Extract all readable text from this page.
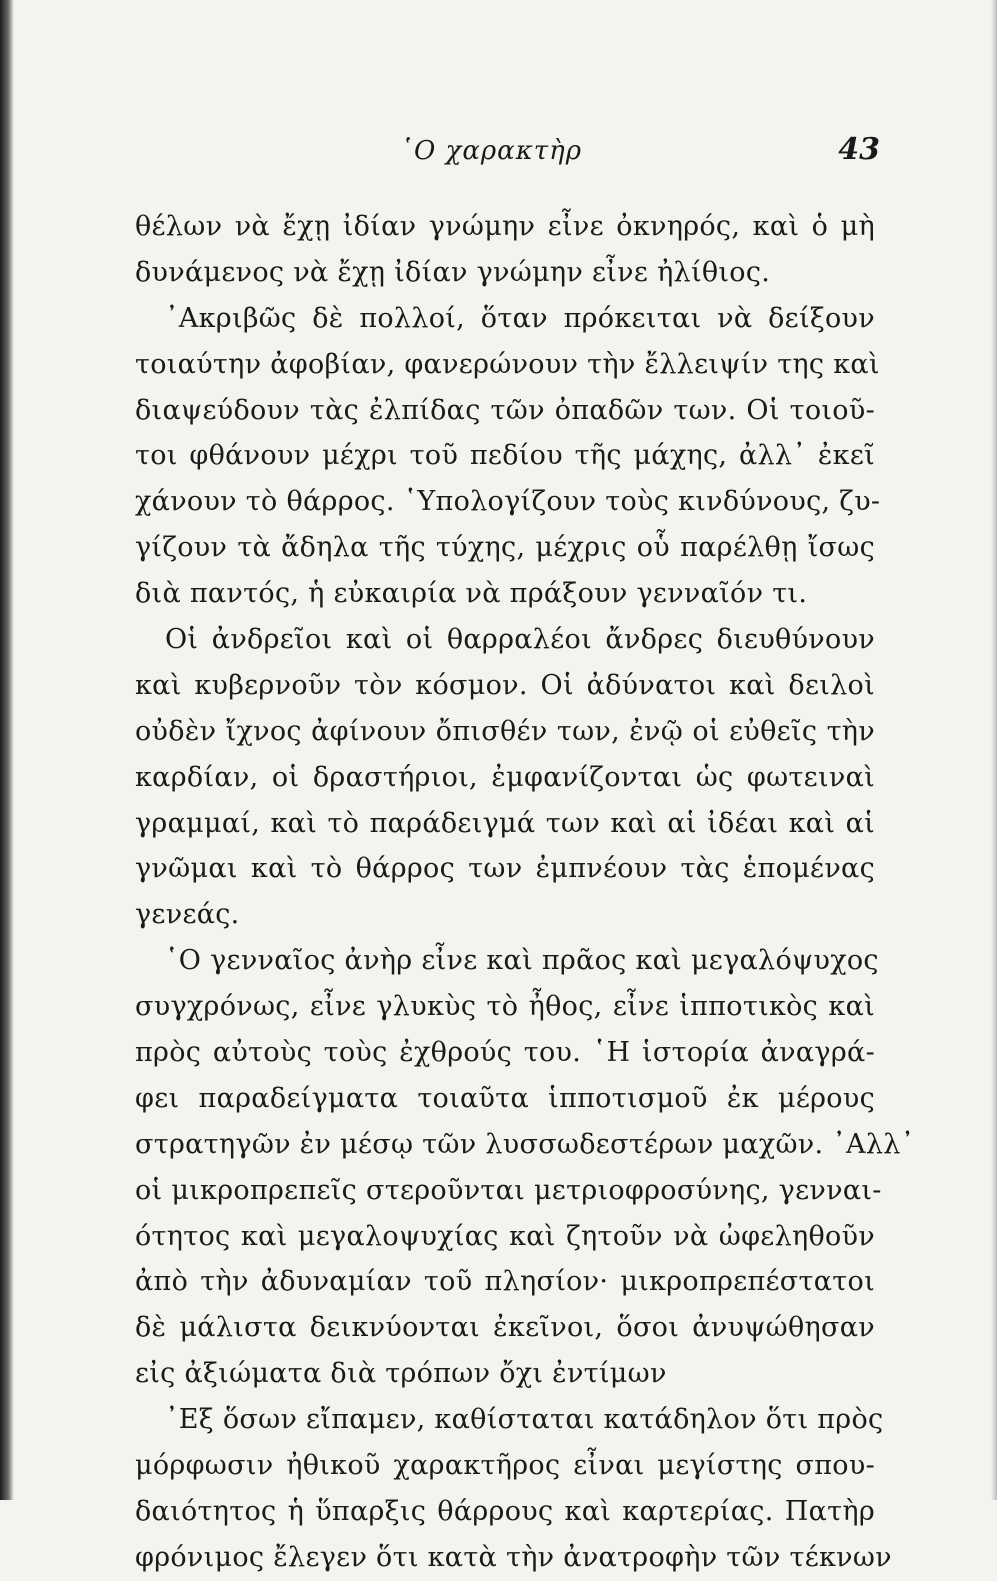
῾Ο χαρακτὴρ	43
θέλων νὰ ἔχῃ ἰδίαν γνώμην εἶνε ὀκνηρός, καὶ ὁ μὴ
δυνάμενος νὰ ἔχῃ ἰδίαν γνώμην εἶνε ἠλίθιος.
᾿Ακριβῶς δὲ πολλοί, ὅταν πρόκειται νὰ δείξουν
τοιαύτην ἀφοβίαν, φανερώνουν τὴν ἔλλειψίν της καὶ
διαψεύδουν τὰς ἐλπίδας τῶν ὀπαδῶν των. Οἱ τοιοῦ-
τοι φθάνουν μέχρι τοῦ πεδίου τῆς μάχης, ἀλλ᾿ ἐκεῖ
χάνουν τὸ θάρρος. ῾Υπολογίζουν τοὺς κινδύνους, ζυ-
γίζουν τὰ ἄδηλα τῆς τύχης, μέχρις οὗ παρέλθῃ ἴσως
διὰ παντός, ἡ εὐκαιρία νὰ πράξουν γενναῖόν τι.
Οἱ ἀνδρεῖοι καὶ οἱ θαρραλέοι ἄνδρες διευθύνουν
καὶ κυβερνοῦν τὸν κόσμον. Οἱ ἀδύνατοι καὶ δειλοὶ
οὐδὲν ἴχνος ἀφίνουν ὄπισθέν των, ἐνῷ οἱ εὐθεῖς τὴν
καρδίαν, οἱ δραστήριοι, ἐμφανίζονται ὡς φωτειναὶ
γραμμαί, καὶ τὸ παράδειγμά των καὶ αἱ ἰδέαι καὶ αἱ
γνῶμαι καὶ τὸ θάρρος των ἐμπνέουν τὰς ἑπομένας
γενεάς.
῾Ο γενναῖος ἀνὴρ εἶνε καὶ πρᾶος καὶ μεγαλόψυχος
συγχρόνως, εἶνε γλυκὺς τὸ ἦθος, εἶνε ἱπποτικὸς καὶ
πρὸς αὐτοὺς τοὺς ἐχθρούς του. ῾Η ἱστορία ἀναγρά-
φει παραδείγματα τοιαῦτα ἱπποτισμοῦ ἐκ μέρους
στρατηγῶν ἐν μέσῳ τῶν λυσσωδεστέρων μαχῶν. ᾿Αλλ᾿
οἱ μικροπρεπεῖς στεροῦνται μετριοφροσύνης, γενναι-
ότητος καὶ μεγαλοψυχίας καὶ ζητοῦν νὰ ὠφεληθοῦν
ἀπὸ τὴν ἀδυναμίαν τοῦ πλησίον· μικροπρεπέστατοι
δὲ μάλιστα δεικνύονται ἐκεῖνοι, ὅσοι ἀνυψώθησαν
εἰς ἀξιώματα διὰ τρόπων ὄχι ἐντίμων
᾿Εξ ὅσων εἴπαμεν, καθίσταται κατάδηλον ὅτι πρὸς
μόρφωσιν ἠθικοῦ χαρακτῆρος εἶναι μεγίστης σπου-
δαιότητος ἡ ὕπαρξις θάρρους καὶ καρτερίας. Πατὴρ
φρόνιμος ἔλεγεν ὅτι κατὰ τὴν ἀνατροφὴν τῶν τέκνων
